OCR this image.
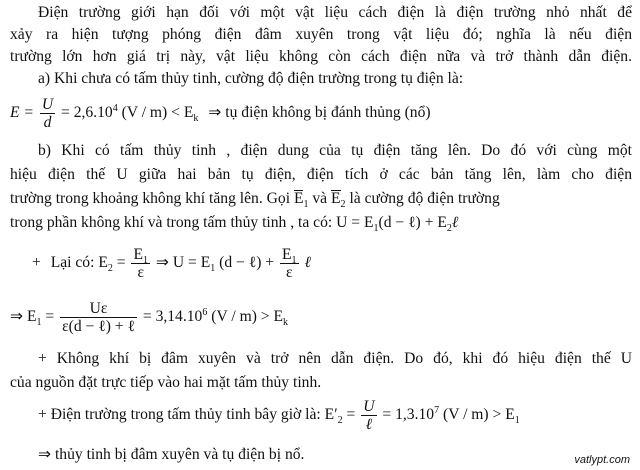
Điện trường giới hạn đối với một vật liệu cách điện là điện trường nhỏ nhất để
xảy ra hiện tượng phóng điện đâm xuyên trong vật liệu đó; nghĩa là nếu điện
trường lớn hơn giá trị này, vật liệu không còn cách điện nữa và trở thành dẫn điện.
a) Khi chưa có tấm thủy tinh, cường độ điện trường trong tụ điện là:
$E = \frac{U}{d} = 2,6.10^4$ $(V / m) < E_k$ ⇒ tụ điện không bị đánh thủng (nổ)
b) Khi có tấm thủy tinh , điện dung của tụ điện tăng lên. Do đó với cùng một
hiệu điện thế U giữa hai bản tụ điện, điện tích ở các bản tăng lên, làm cho điện
trường trong khoảng không khí tăng lên. Gọi $E_1$ và $E_2$ là cường độ điện trường
trong phần không khí và trong tấm thủy tinh , ta có: $U = E_1(d$ − ℓ) + $E_2\ell$
+ Lại có: $E_2 = \frac{E_1}{\varepsilon}$ ⇒ $U = E_1$ (d − ℓ) + $\frac{E_1}{\varepsilon}$ ℓ
⇒ $E_1 = \frac{U\varepsilon}{\text{ε(d − ℓ) + ℓ}} = 3,14.10^6$ $(V / m) > E_k$
+ Không khí bị đâm xuyên và trở nên dẫn điện. Do đó, khi đó hiệu điện thế U
của nguồn đặt trực tiếp vào hai mặt tấm thủy tinh.
+ Điện trường trong tấm thủy tinh bây giờ là: $E'_2 = \frac{U}{\text{ℓ}} = 1,3.10^7$ $(V / m) > E_1$
⇒ thủy tinh bị đâm xuyên và tụ điện bị nổ.	vatlypt.com
